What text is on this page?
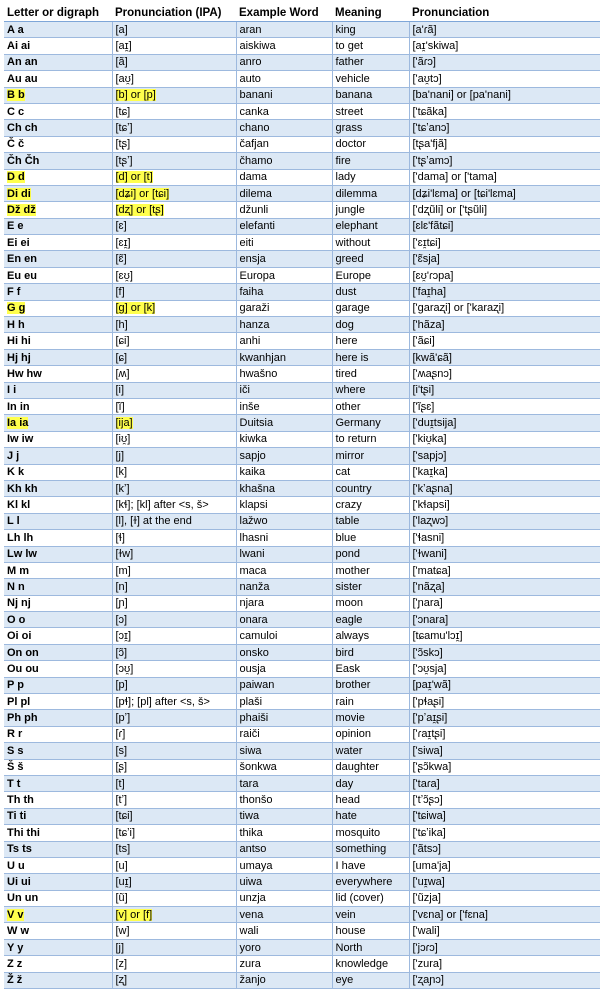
Letter or digraph	Pronunciation (IPA)	Example Word	Meaning	Pronunciation
A a	[a]	aran	king	[a'ɾã]
Ai ai	[aɪ̯]	aiskiwa	to get	[aɪ̯'skiwa]
An an	[ã]	anro	father	['ãɾɔ]
Au au	[aʊ̯]	auto	vehicle	['aʊ̯tɔ]
B b	[b] or [p]	banani	banana	[ba'nani] or [pa'nani]
C c	[tɕ]	canka	street	['tɕãka]
Ch ch	[tɕʼ]	chano	grass	['tɕʼanɔ]
Č č	[tʂ]	čafjan	doctor	[tʂa'fjã]
Čh Čh	[tʂʼ]	čhamo	fire	['tʂʼamɔ]
D d	[d] or [t]	dama	lady	['dama] or ['tama]
Di di	[dʑi] or [tɕi]	dilema	dilemma	[dʑi'lɛma] or [tɕi'lɛma]
Dž dž	[dʐ] or [tʂ]	džunli	jungle	['dʐũli] or ['tʂũli]
E e	[ɛ]	elefanti	elephant	[ɛlɛ'fãtɕi]
Ei ei	[ɛɪ̯]	eiti	without	['ɛɪ̯tɕi]
En en	[ɛ̃]	ensja	greed	['ɛ̃sja]
Eu eu	[ɛʊ̯]	Europa	Europe	[ɛʊ̯'ɾɔpa]
F f	[f]	faiha	dust	['faɪ̯ha]
G g	[g] or [k]	garaži	garage	['garaʐi] or ['karaʐi]
H h	[h]	hanza	dog	['hãza]
Hi hi	[ɕi]	anhi	here	['ãɕi]
Hj hj	[ɕ]	kwanhjan	here is	[kwã'ɕã]
Hw hw	[ʍ]	hwašno	tired	['ʍaʂnɔ]
I i	[i]	iči	where	[i'tʂi]
In in	[ĩ]	inše	other	['ĩʂɛ]
Ia ia	[ija]	Duitsia	Germany	['duɪ̯tsija]
Iw iw	[iʊ̯]	kiwka	to return	['kiʊ̯ka]
J j	[j]	sapjo	mirror	['sapjɔ]
K k	[k]	kaika	cat	['kaɪ̯ka]
Kh kh	[kʼ]	khašna	country	['kʼaʂna]
Kl kl	[kɬ]; [kl] after <s, š>	klapsi	crazy	['kɬapsi]
L l	[l], [ɫ] at the end	lažwo	table	['laʐwɔ]
Lh lh	[ɬ]	lhasni	blue	['ɬasni]
Lw lw	[ɫw]	lwani	pond	['ɫwani]
M m	[m]	maca	mother	['matɕa]
N n	[n]	nanža	sister	['nãʐa]
Nj nj	[ɲ]	njara	moon	['ɲara]
O o	[ɔ]	onara	eagle	['ɔnara]
Oi oi	[ɔɪ̯]	camuloi	always	[tɕamu'lɔɪ̯]
On on	[ɔ̃]	onsko	bird	['ɔ̃skɔ]
Ou ou	[ɔʊ̯]	ousja	Eask	['ɔʊ̯sja]
P p	[p]	paiwan	brother	[paɪ̯'wã]
Pl pl	[pɬ]; [pl] after <s, š>	plaši	rain	['pɬaʂi]
Ph ph	[pʼ]	phaiši	movie	['pʼaɪ̯ʂi]
R r	[ɾ]	raiči	opinion	['ɾaɪ̯tʂi]
S s	[s]	siwa	water	['siwa]
Š š	[ʂ]	šonkwa	daughter	['ʂɔ̃kwa]
T t	[t]	tara	day	['taɾa]
Th th	[tʼ]	thonšo	head	['tʼɔ̃ʂɔ]
Ti ti	[tɕi]	tiwa	hate	['tɕiwa]
Thi thi	[tɕʼi]	thika	mosquito	['tɕʼika]
Ts ts	[ts]	antso	something	['ãtsɔ]
U u	[u]	umaya	I have	[uma'ja]
Ui ui	[uɪ̯]	uiwa	everywhere	['uɪ̯wa]
Un un	[ũ]	unzja	lid (cover)	['ũzja]
V v	[v] or [f]	vena	vein	['vɛna] or ['fɛna]
W w	[w]	wali	house	['wali]
Y y	[j]	yoro	North	['jɔɾɔ]
Z z	[z]	zura	knowledge	['zura]
Ž ž	[ʐ]	žanjo	eye	['ʐaɲɔ]
